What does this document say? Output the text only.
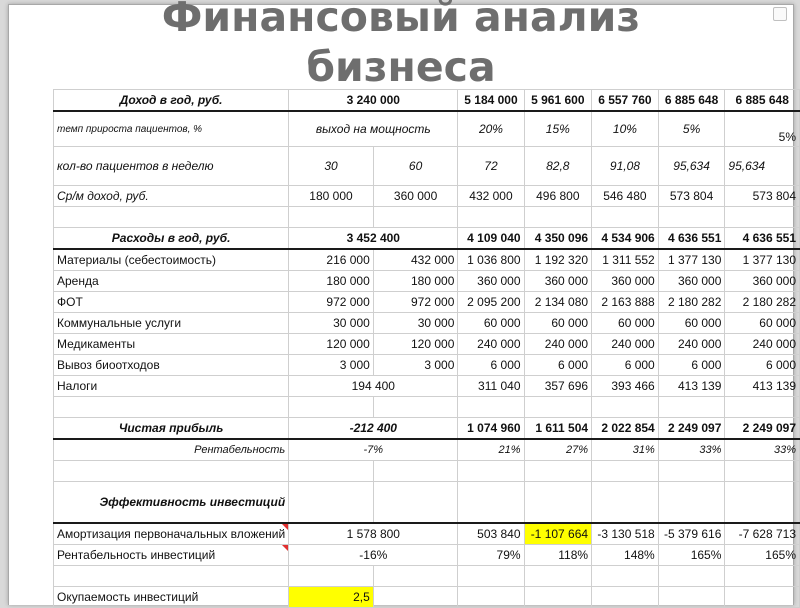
Финансовый анализ
бизнеса
Доход в год, руб.	3 240 000		5 184 000	5 961 600	6 557 760	6 885 648	6 885 648
темп прироста пациентов, %	выход на мощность		20%	15%	10%	5%	5%
кол-во пациентов в неделю	30	60	72	82,8	91,08	95,634	95,634
Ср/м доход, руб.	180 000	360 000	432 000	496 800	546 480	573 804	573 804

Расходы в год, руб.	3 452 400		4 109 040	4 350 096	4 534 906	4 636 551	4 636 551
Материалы (себестоимость)	216 000	432 000	1 036 800	1 192 320	1 311 552	1 377 130	1 377 130
Аренда	180 000	180 000	360 000	360 000	360 000	360 000	360 000
ФОТ	972 000	972 000	2 095 200	2 134 080	2 163 888	2 180 282	2 180 282
Коммунальные услуги	30 000	30 000	60 000	60 000	60 000	60 000	60 000
Медикаменты	120 000	120 000	240 000	240 000	240 000	240 000	240 000
Вывоз биоотходов	3 000	3 000	6 000	6 000	6 000	6 000	6 000
Налоги	194 400		311 040	357 696	393 466	413 139	413 139

Чистая прибыль	-212 400		1 074 960	1 611 504	2 022 854	2 249 097	2 249 097
Рентабельность	-7%		21%	27%	31%	33%	33%

Эффективность инвестиций							
Амортизация первоначальных вложений	1 578 800		503 840	-1 107 664	-3 130 518	-5 379 616	-7 628 713
Рентабельность инвестиций	-16%		79%	118%	148%	165%	165%

Окупаемость инвестиций	2,5						
